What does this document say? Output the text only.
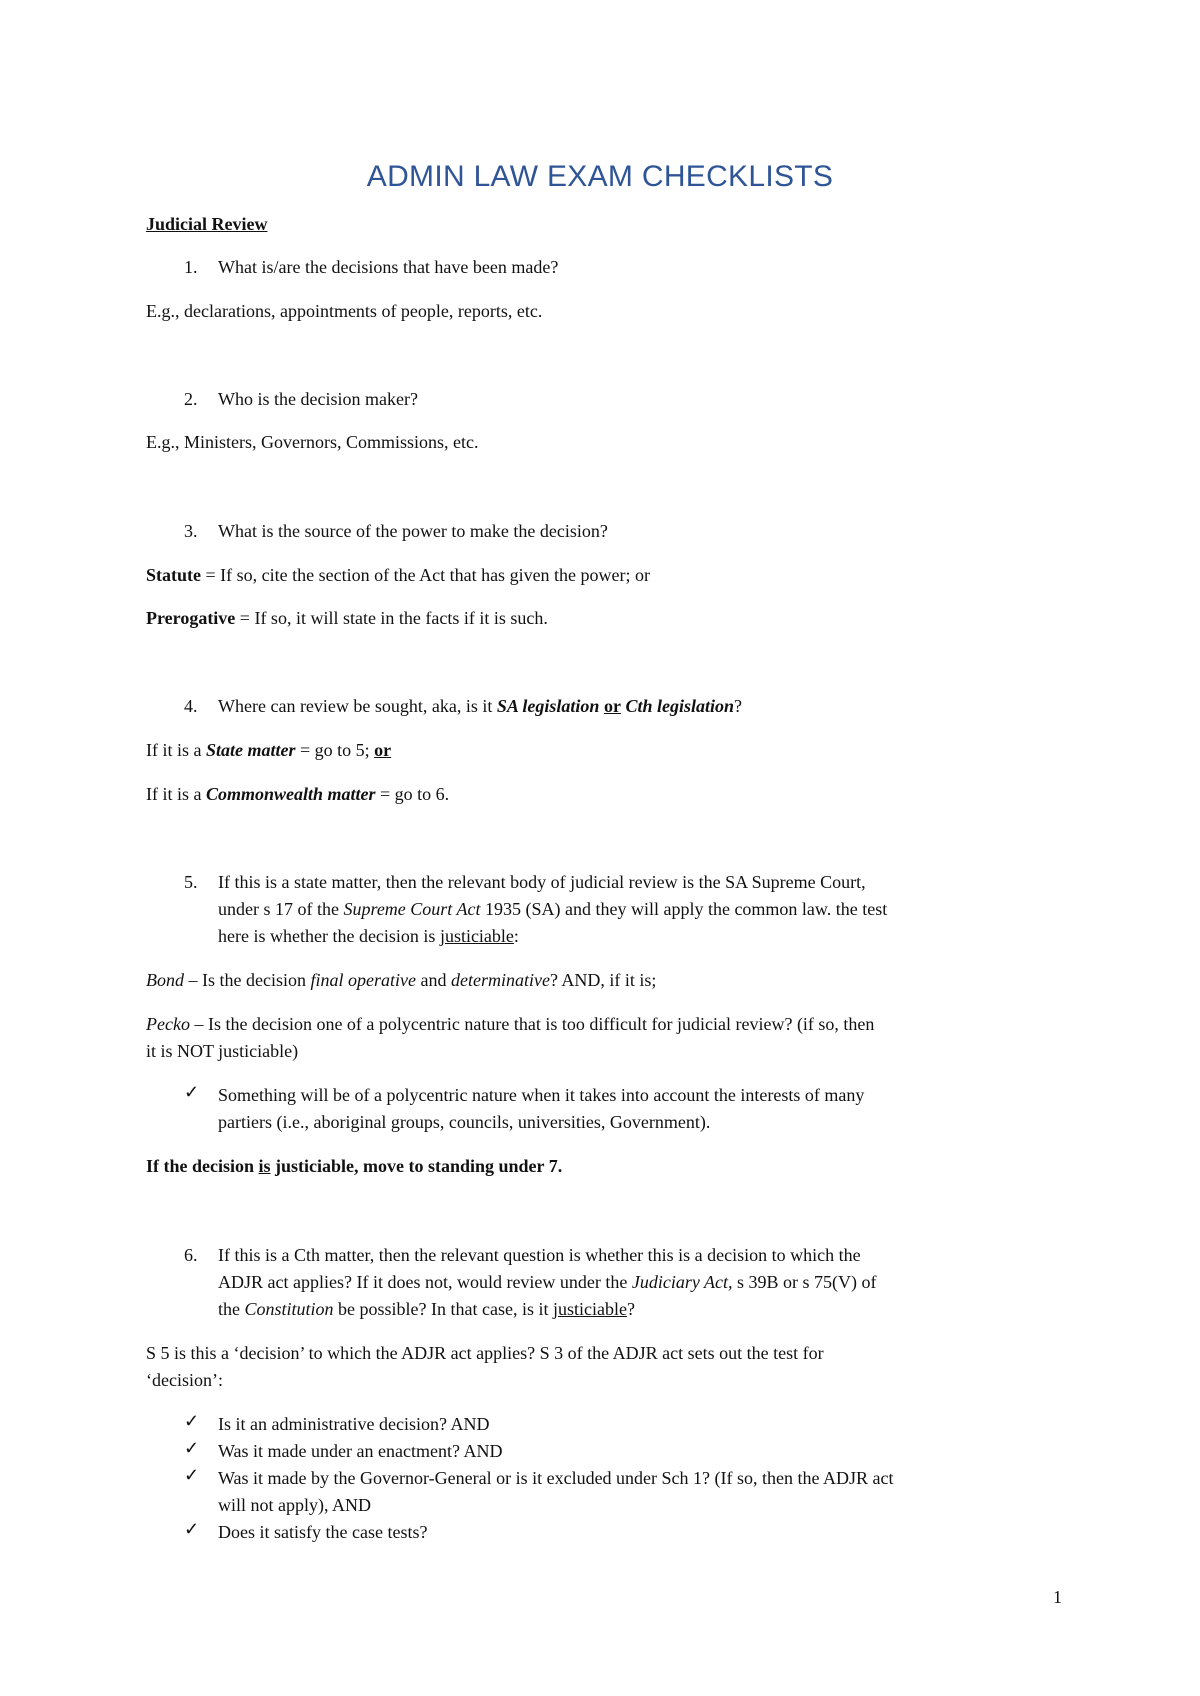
ADMIN LAW EXAM CHECKLISTS
Judicial Review
1. What is/are the decisions that have been made?
E.g., declarations, appointments of people, reports, etc.
2. Who is the decision maker?
E.g., Ministers, Governors, Commissions, etc.
3. What is the source of the power to make the decision?
Statute = If so, cite the section of the Act that has given the power; or
Prerogative = If so, it will state in the facts if it is such.
4. Where can review be sought, aka, is it SA legislation or Cth legislation?
If it is a State matter = go to 5; or
If it is a Commonwealth matter = go to 6.
5. If this is a state matter, then the relevant body of judicial review is the SA Supreme Court,
under s 17 of the Supreme Court Act 1935 (SA) and they will apply the common law. the test
here is whether the decision is justiciable:
Bond – Is the decision final operative and determinative? AND, if it is;
Pecko – Is the decision one of a polycentric nature that is too difficult for judicial review? (if so, then
it is NOT justiciable)
✓ Something will be of a polycentric nature when it takes into account the interests of many
partiers (i.e., aboriginal groups, councils, universities, Government).
If the decision is justiciable, move to standing under 7.
6. If this is a Cth matter, then the relevant question is whether this is a decision to which the
ADJR act applies? If it does not, would review under the Judiciary Act, s 39B or s 75(V) of
the Constitution be possible? In that case, is it justiciable?
S 5 is this a ‘decision’ to which the ADJR act applies? S 3 of the ADJR act sets out the test for
‘decision’:
✓ Is it an administrative decision? AND
✓ Was it made under an enactment? AND
✓ Was it made by the Governor-General or is it excluded under Sch 1? (If so, then the ADJR act
will not apply), AND
✓ Does it satisfy the case tests?
1
